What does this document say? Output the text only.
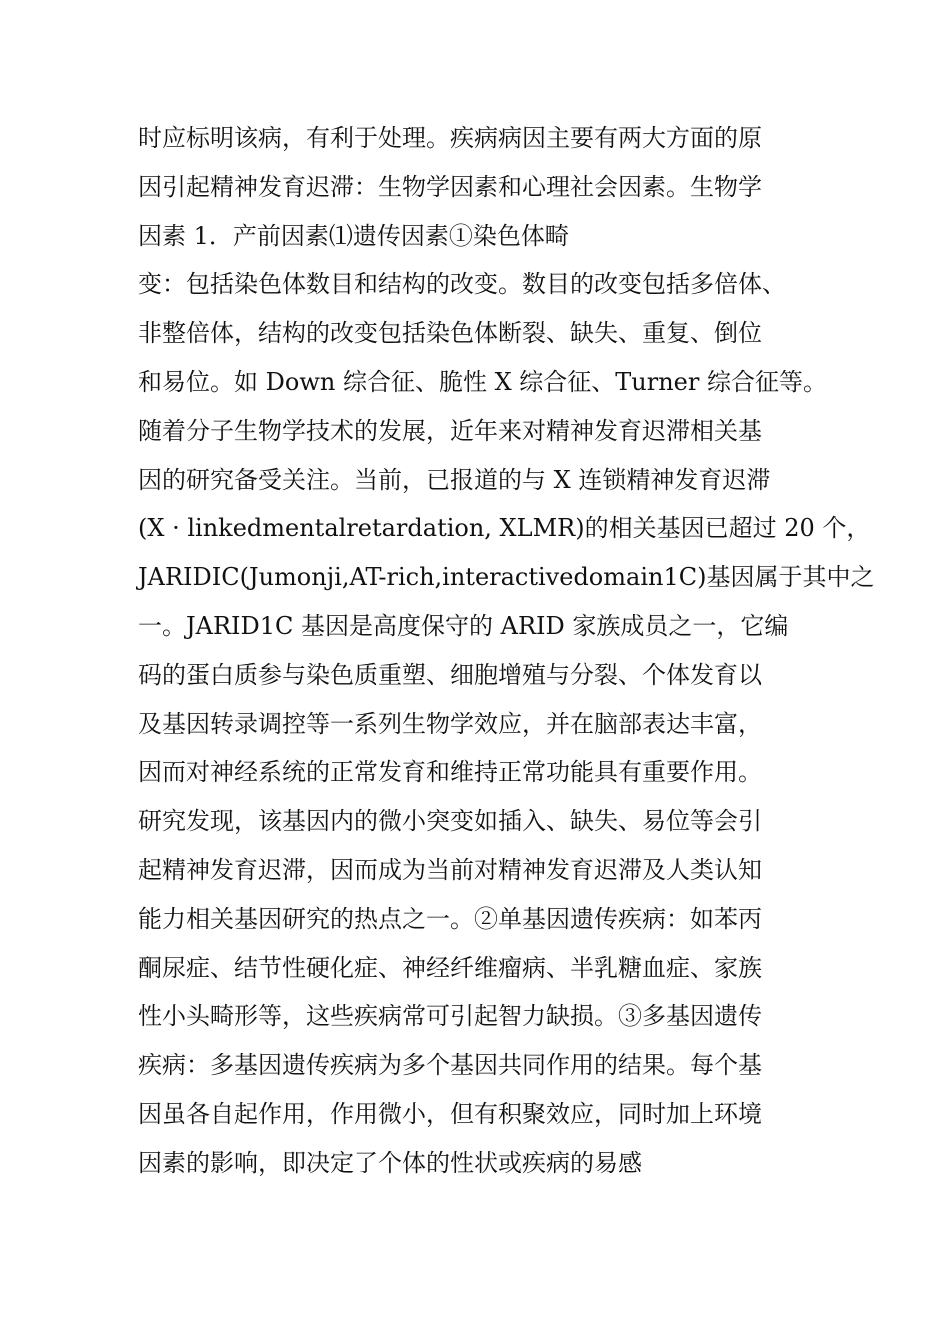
时应标明该病，有利于处理。疾病病因主要有两大方面的原
因引起精神发育迟滞：生物学因素和心理社会因素。生物学
因素 1．产前因素⑴遗传因素①染色体畸
变：包括染色体数目和结构的改变。数目的改变包括多倍体、
非整倍体，结构的改变包括染色体断裂、缺失、重复、倒位
和易位。如 Down 综合征、脆性 X 综合征、Turner 综合征等。
随着分子生物学技术的发展，近年来对精神发育迟滞相关基
因的研究备受关注。当前，已报道的与 X 连锁精神发育迟滞
(X · linkedmentalretardation, XLMR)的相关基因已超过 20 个，
JARIDIC(Jumonji,AT-rich,interactivedomain1C)基因属于其中之
一。JARID1C 基因是高度保守的 ARID 家族成员之一，它编
码的蛋白质参与染色质重塑、细胞增殖与分裂、个体发育以
及基因转录调控等一系列生物学效应，并在脑部表达丰富，
因而对神经系统的正常发育和维持正常功能具有重要作用。
研究发现，该基因内的微小突变如插入、缺失、易位等会引
起精神发育迟滞，因而成为当前对精神发育迟滞及人类认知
能力相关基因研究的热点之一。②单基因遗传疾病：如苯丙
酮尿症、结节性硬化症、神经纤维瘤病、半乳糖血症、家族
性小头畸形等，这些疾病常可引起智力缺损。③多基因遗传
疾病：多基因遗传疾病为多个基因共同作用的结果。每个基
因虽各自起作用，作用微小，但有积聚效应，同时加上环境
因素的影响，即决定了个体的性状或疾病的易感
